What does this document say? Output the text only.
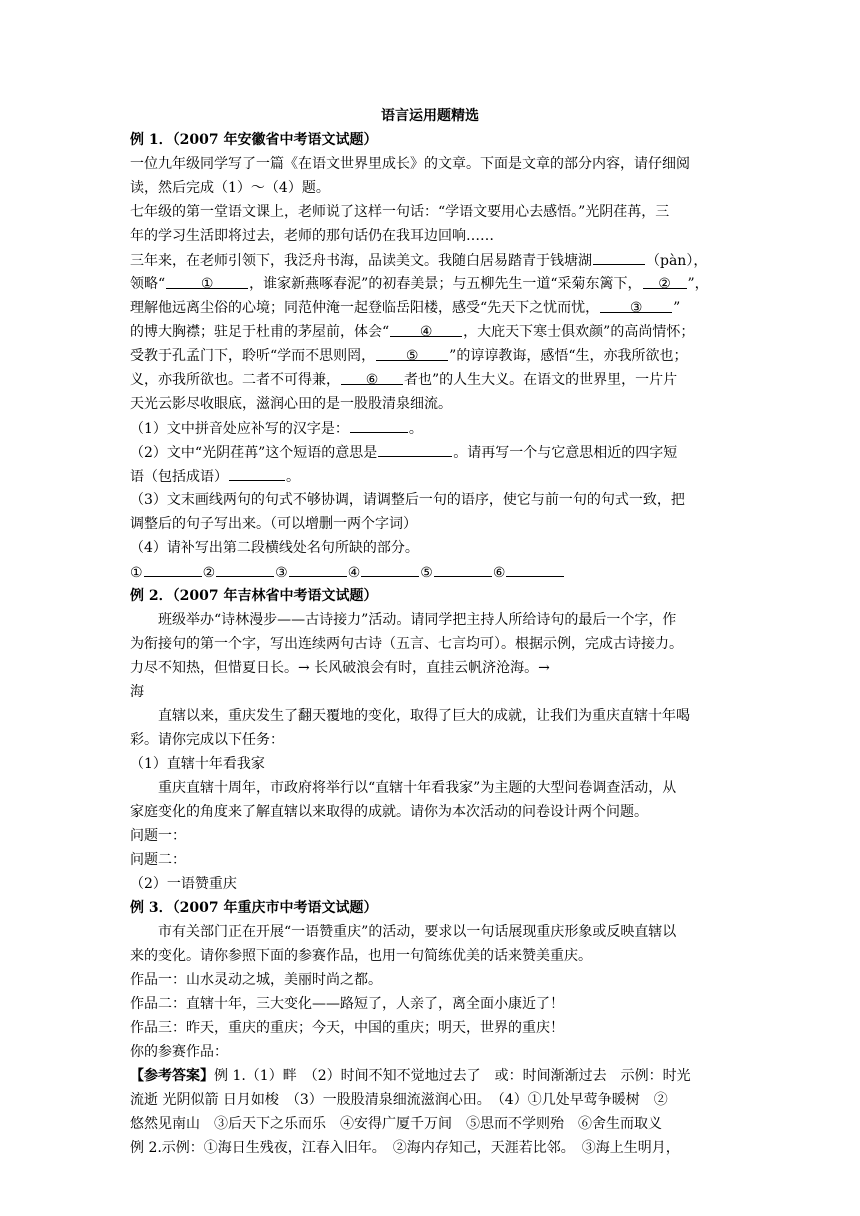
语言运用题精选
例 1．（2007 年安徽省中考语文试题）
一位九年级同学写了一篇《在语文世界里成长》的文章。下面是文章的部分内容，请仔细阅
读，然后完成（1）～（4）题。
七年级的第一堂语文课上，老师说了这样一句话：“学语文要用心去感悟。”光阴荏苒，三
年的学习生活即将过去，老师的那句话仍在我耳边回响……
三年来，在老师引领下，我泛舟书海，品读美文。我随白居易踏青于钱塘湖	（pàn），
领略“	①	，谁家新燕啄春泥”的初春美景；与五柳先生一道“采菊东篱下， ② ”，
理解他远离尘俗的心境；同范仲淹一起登临岳阳楼，感受“先天下之忧而忧， ③ ”
的博大胸襟；驻足于杜甫的茅屋前，体会“ ④ ，大庇天下寒士俱欢颜”的高尚情怀；
受教于孔孟门下，聆听“学而不思则罔， ⑤ ”的谆谆教诲，感悟“生，亦我所欲也；
义，亦我所欲也。二者不可得兼， ⑥ 者也”的人生大义。在语文的世界里，一片片
天光云影尽收眼底，滋润心田的是一股股清泉细流。
（1）文中拼音处应补写的汉字是：	。
（2）文中“光阴荏苒”这个短语的意思是	。请再写一个与它意思相近的四字短
语（包括成语）	。
（3）文末画线两句的句式不够协调，请调整后一句的语序，使它与前一句的句式一致，把
调整后的句子写出来。（可以增删一两个字词）
（4）请补写出第二段横线处名句所缺的部分。
①	②	③	④	⑤	⑥
例 2．（2007 年吉林省中考语文试题）
班级举办“诗林漫步——古诗接力”活动。请同学把主持人所给诗句的最后一个字，作
为衔接句的第一个字，写出连续两句古诗（五言、七言均可）。根据示例，完成古诗接力。
力尽不知热，但惜夏日长。→ 长风破浪会有时，直挂云帆济沧海。→
海
直辖以来，重庆发生了翻天覆地的变化，取得了巨大的成就，让我们为重庆直辖十年喝
彩。请你完成以下任务：
（1）直辖十年看我家
重庆直辖十周年，市政府将举行以“直辖十年看我家”为主题的大型问卷调查活动，从
家庭变化的角度来了解直辖以来取得的成就。请你为本次活动的问卷设计两个问题。
问题一：
问题二：
（2）一语赞重庆
例 3．（2007 年重庆市中考语文试题）
市有关部门正在开展“一语赞重庆”的活动，要求以一句话展现重庆形象或反映直辖以
来的变化。请你参照下面的参赛作品，也用一句简练优美的话来赞美重庆。
作品一：山水灵动之城，美丽时尚之都。
作品二：直辖十年，三大变化——路短了，人亲了，离全面小康近了！
作品三：昨天，重庆的重庆；今天，中国的重庆；明天，世界的重庆！
你的参赛作品：
【参考答案】例 1.（1）畔　（2）时间不知不觉地过去了　或：时间渐渐过去　示例：时光
流逝 光阴似箭 日月如梭　（3）一股股清泉细流滋润心田。　（4）①几处早莺争暖树　②
悠然见南山　③后天下之乐而乐　④安得广厦千万间　⑤思而不学则殆　⑥舍生而取义
例 2.示例：①海日生残夜，江春入旧年。　②海内存知己，天涯若比邻。　③海上生明月，
